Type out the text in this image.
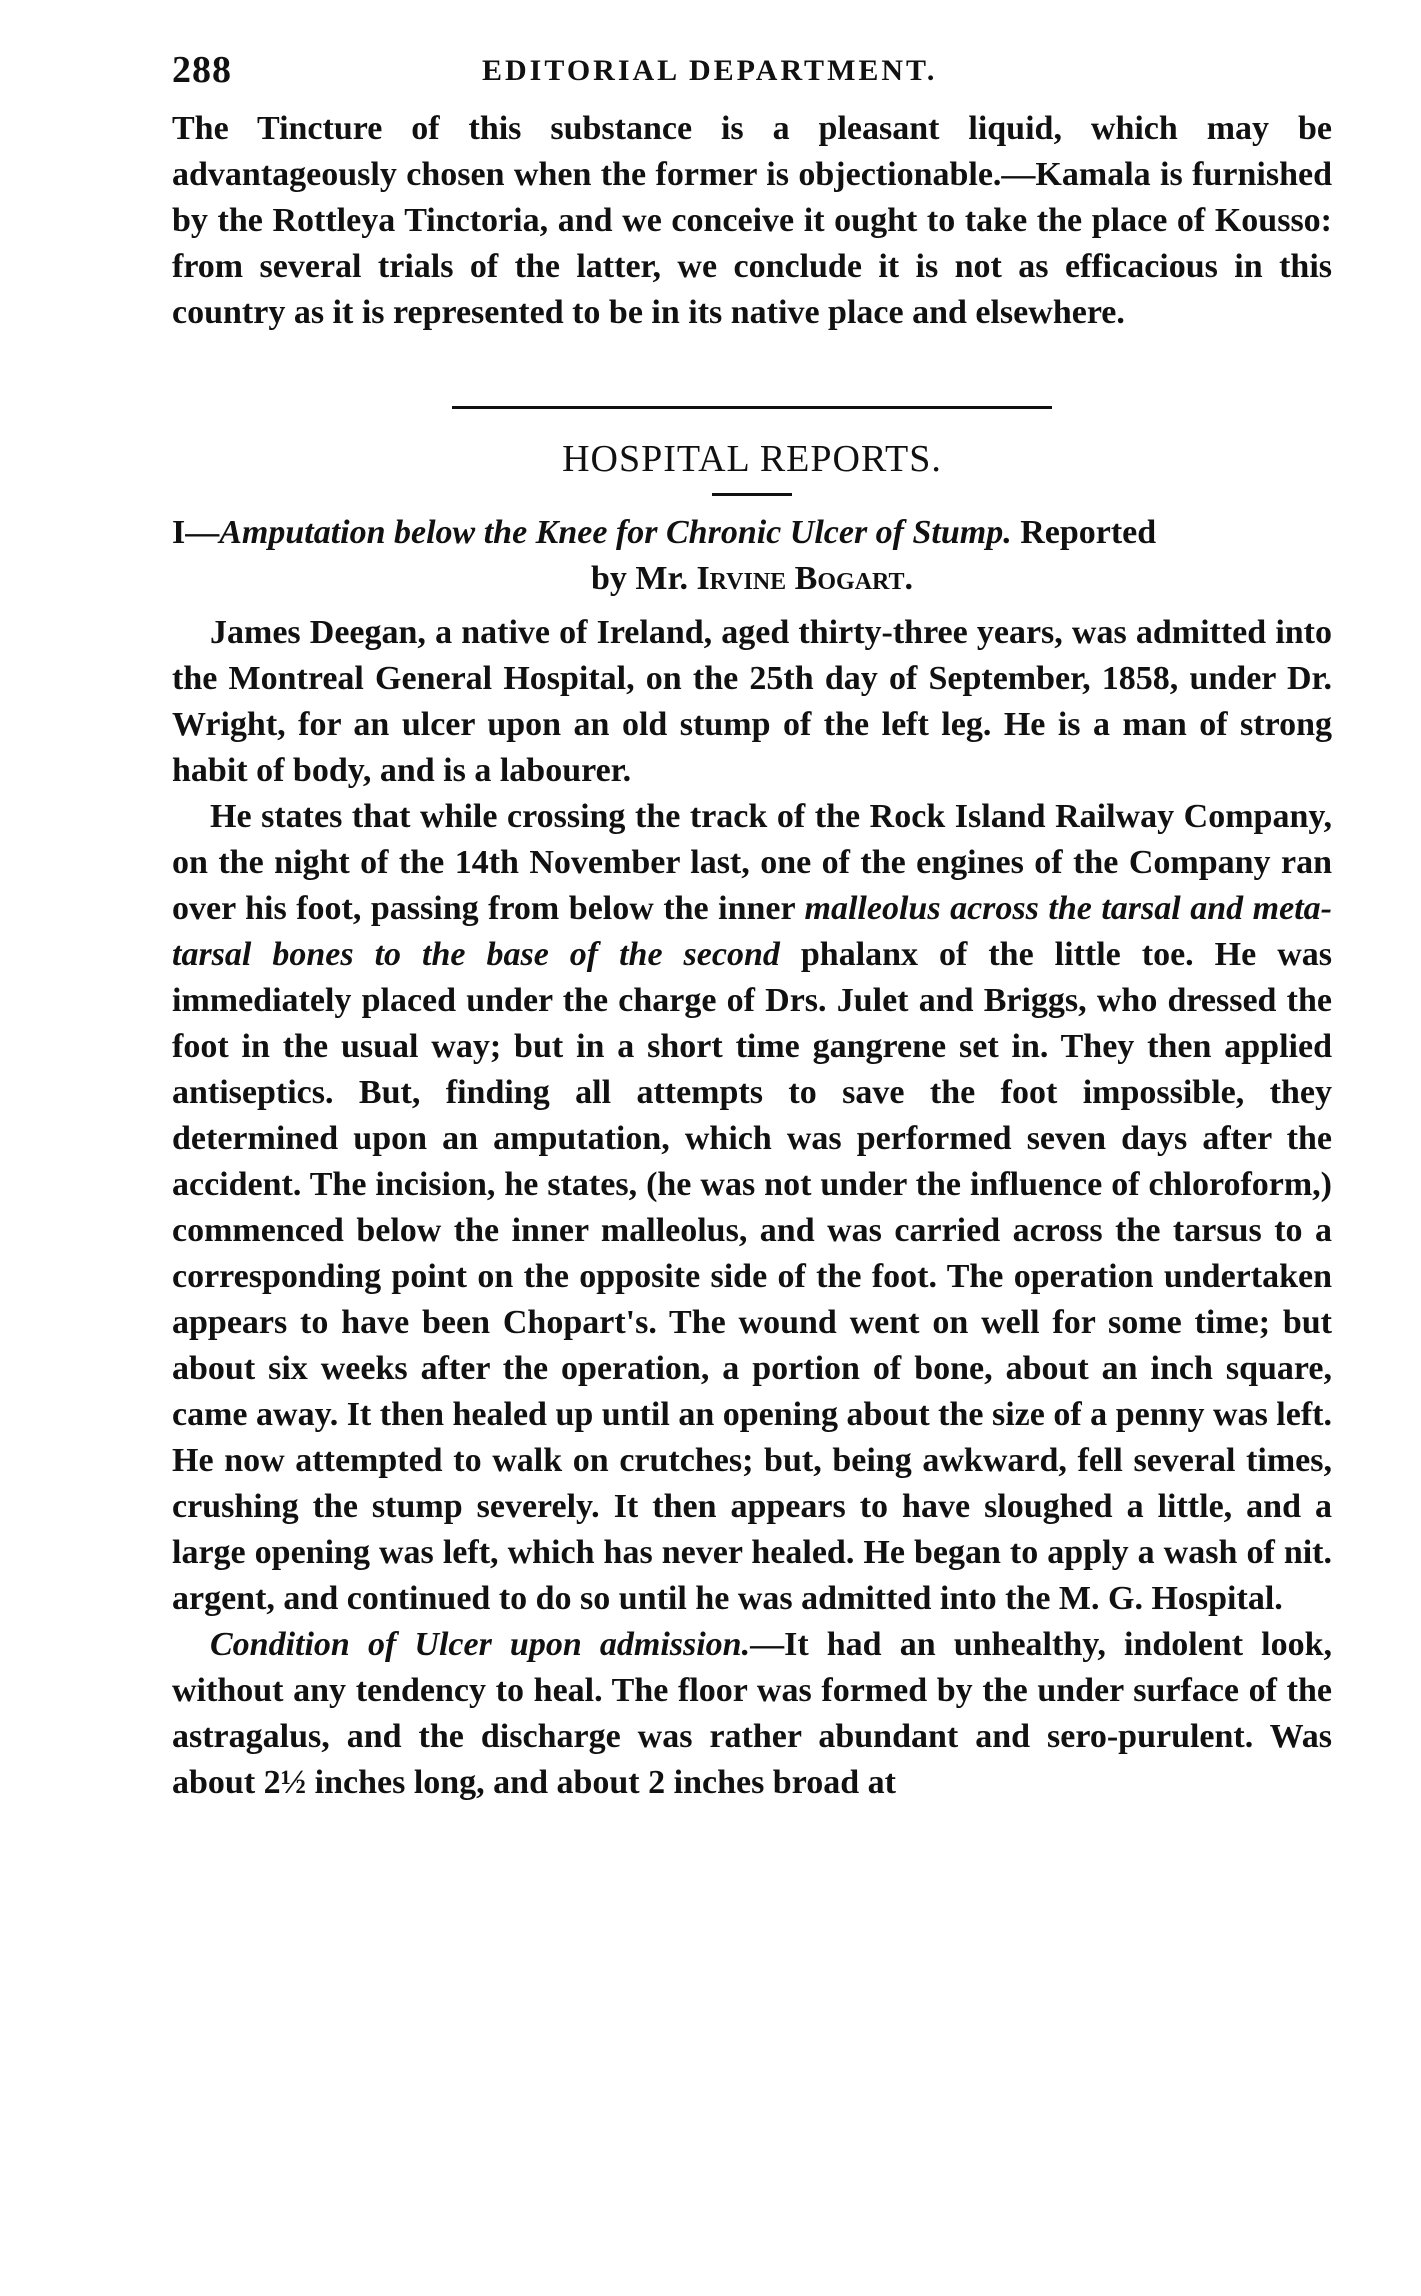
288	EDITORIAL DEPARTMENT.

The Tincture of this substance is a pleasant liquid, which may be advantageously chosen when the former is objectionable.—Kamala is furnished by the Rottleya Tinctoria, and we conceive it ought to take the place of Kousso: from several trials of the latter, we conclude it is not as efficacious in this country as it is represented to be in its native place and elsewhere.

HOSPITAL REPORTS.
I—Amputation below the Knee for Chronic Ulcer of Stump. Reported
by Mr. Irvine Bogart.

James Deegan, a native of Ireland, aged thirty-three years, was admitted into the Montreal General Hospital, on the 25th day of September, 1858, under Dr. Wright, for an ulcer upon an old stump of the left leg. He is a man of strong habit of body, and is a labourer.

He states that while crossing the track of the Rock Island Railway Company, on the night of the 14th November last, one of the engines of the Company ran over his foot, passing from below the inner malleolus across the tarsal and meta-tarsal bones to the base of the second phalanx of the little toe. He was immediately placed under the charge of Drs. Julet and Briggs, who dressed the foot in the usual way; but in a short time gangrene set in. They then applied antiseptics. But, finding all attempts to save the foot impossible, they determined upon an amputation, which was performed seven days after the accident. The incision, he states, (he was not under the influence of chloroform,) commenced below the inner malleolus, and was carried across the tarsus to a corresponding point on the opposite side of the foot. The operation undertaken appears to have been Chopart's. The wound went on well for some time; but about six weeks after the operation, a portion of bone, about an inch square, came away. It then healed up until an opening about the size of a penny was left. He now attempted to walk on crutches; but, being awkward, fell several times, crushing the stump severely. It then appears to have sloughed a little, and a large opening was left, which has never healed. He began to apply a wash of nit. argent, and continued to do so until he was admitted into the M. G. Hospital.

Condition of Ulcer upon admission.—It had an unhealthy, indolent look, without any tendency to heal. The floor was formed by the under surface of the astragalus, and the discharge was rather abundant and sero-purulent. Was about 2½ inches long, and about 2 inches broad at
